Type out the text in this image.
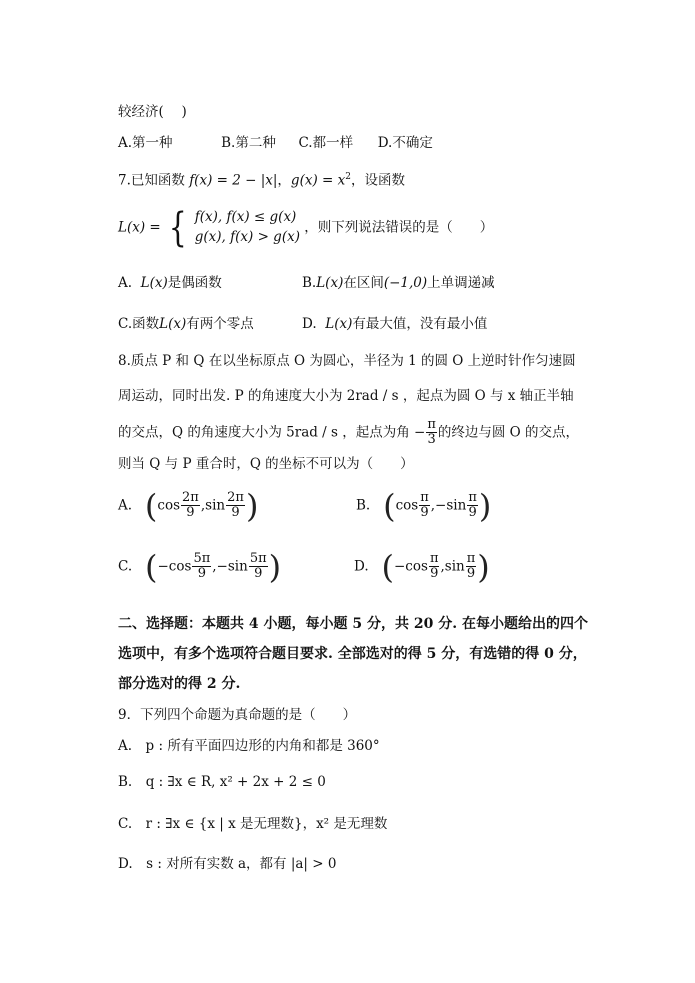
较经济(　 )
A.第一种	B.第二种 C.都一样 D.不确定
7.已知函数 f(x) = 2 − |x|，$g(x) = x^2$，设函数
L(x) = { f(x), f(x) ≤ g(x)
g(x), f(x) > g(x)
，则下列说法错误的是（　　）
A. L(x)是偶函数	B.L(x)在区间(−1,0)上单调递减
C.函数L(x)有两个零点	D. L(x)有最大值，没有最小值
8.质点 P 和 Q 在以坐标原点 O 为圆心，半径为 1 的圆 O 上逆时针作匀速圆
周运动，同时出发. P 的角速度大小为 2rad / s ，起点为圆 O 与 x 轴正半轴
的交点，Q 的角速度大小为 5rad / s ，起点为角 − $\frac{\pi}{3}$ 的终边与圆 O 的交点，
则当 Q 与 P 重合时，Q 的坐标不可以为（　　）
A. ($\cos \frac{2\pi}{9} ,\sin \frac{2\pi}{9}$ )	B. ($\cos \frac{\pi}{9} ,-\sin \frac{\pi}{9}$ )
C. ($-\cos \frac{5\pi}{9} ,-\sin \frac{5\pi}{9}$ )	D. ($-\cos \frac{\pi}{9} ,\sin \frac{\pi}{9}$ )
二、选择题：本题共 4 小题，每小题 5 分，共 20 分. 在每小题给出的四个
选项中，有多个选项符合题目要求. 全部选对的得 5 分，有选错的得 0 分，
部分选对的得 2 分.
9．下列四个命题为真命题的是（　　）
A.　p : 所有平面四边形的内角和都是 360°
B.　q : ∃x ∈ R, x² + 2x + 2 ≤ 0
C.　r : ∃x ∈ {x | x 是无理数}，x² 是无理数
D.　s : 对所有实数 a，都有 |a| > 0
